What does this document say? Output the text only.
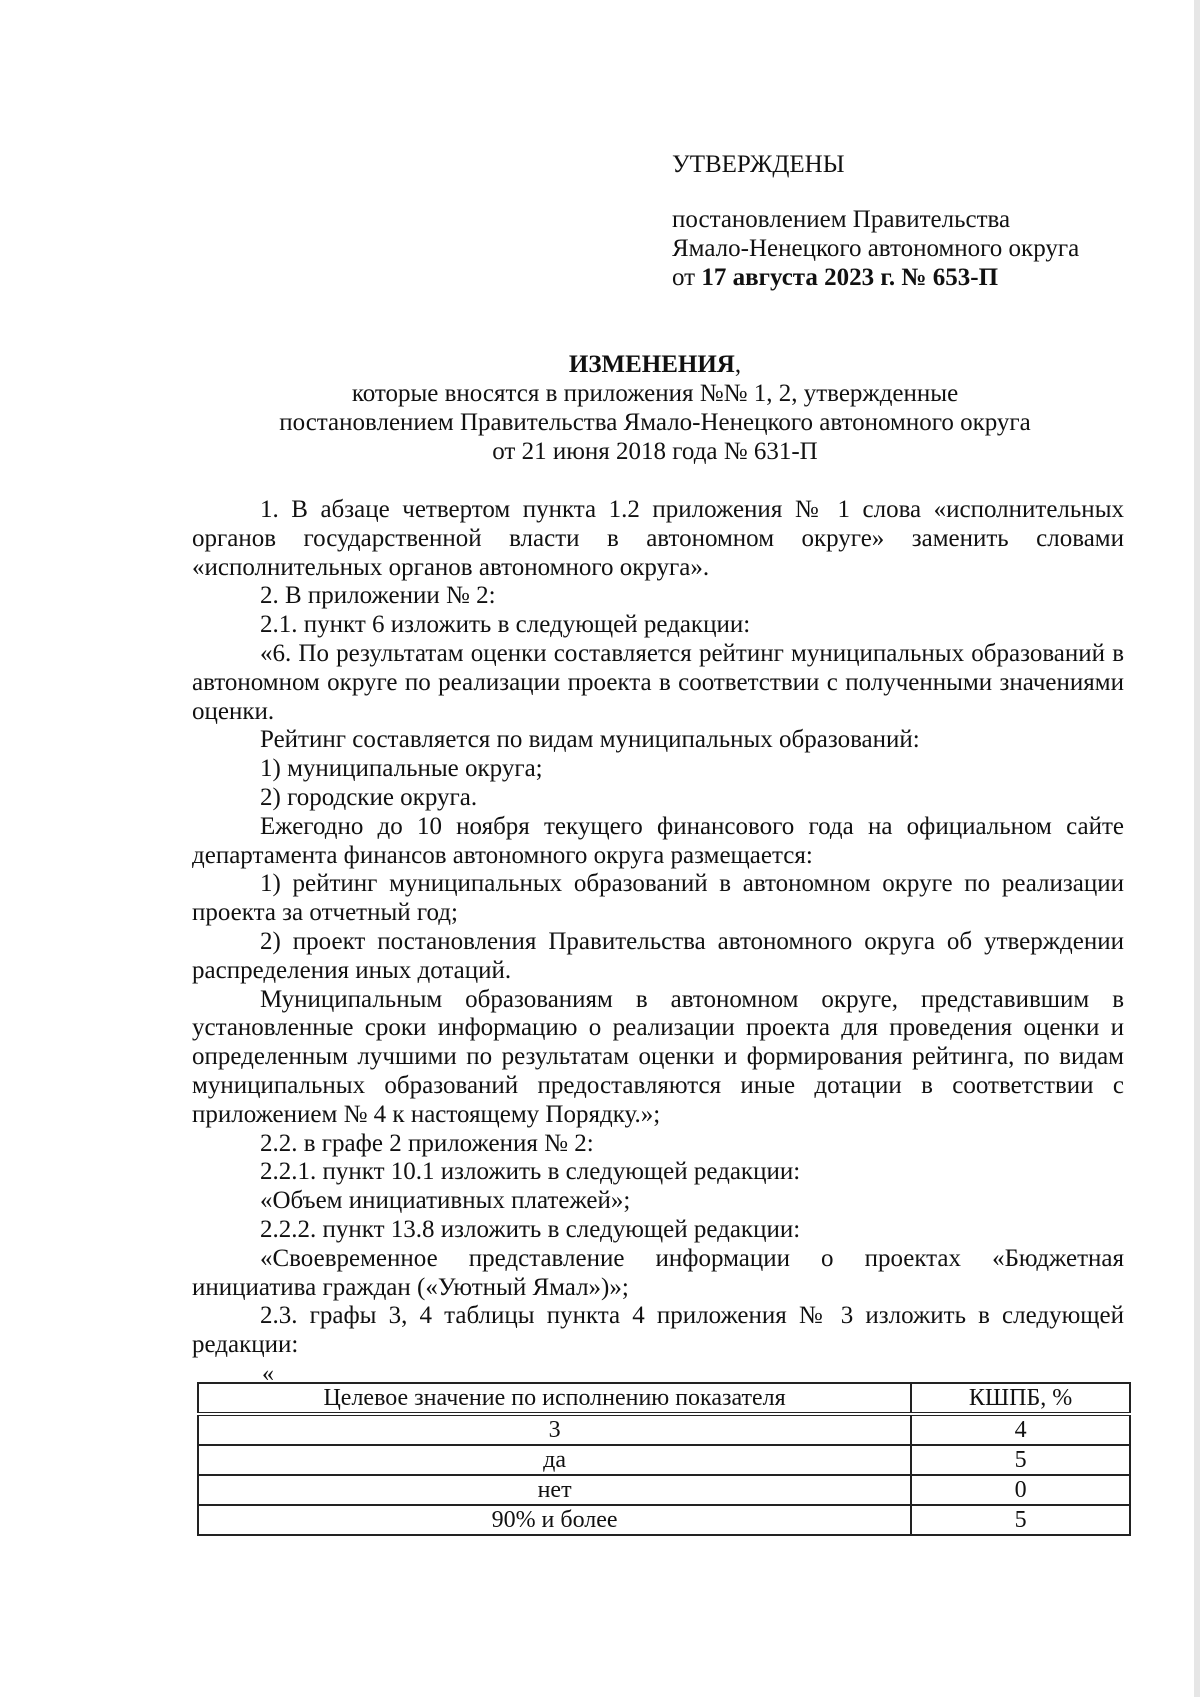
УТВЕРЖДЕНЫ
постановлением Правительства
Ямало-Ненецкого автономного округа
от 17 августа 2023 г. № 653-П
ИЗМЕНЕНИЯ,
которые вносятся в приложения №№ 1, 2, утвержденные
постановлением Правительства Ямало-Ненецкого автономного округа
от 21 июня 2018 года № 631-П

1. В абзаце четвертом пункта 1.2 приложения № 1 слова «исполнительных органов государственной власти в автономном округе» заменить словами «исполнительных органов автономного округа».

2. В приложении № 2:

2.1. пункт 6 изложить в следующей редакции:

«6. По результатам оценки составляется рейтинг муниципальных образований в автономном округе по реализации проекта в соответствии с полученными значениями оценки.

Рейтинг составляется по видам муниципальных образований:

1) муниципальные округа;

2) городские округа.

Ежегодно до 10 ноября текущего финансового года на официальном сайте департамента финансов автономного округа размещается:

1) рейтинг муниципальных образований в автономном округе по реализации проекта за отчетный год;

2) проект постановления Правительства автономного округа об утверждении распределения иных дотаций.

Муниципальным образованиям в автономном округе, представившим в установленные сроки информацию о реализации проекта для проведения оценки и определенным лучшими по результатам оценки и формирования рейтинга, по видам муниципальных образований предоставляются иные дотации в соответствии с приложением № 4 к настоящему Порядку.»;

2.2. в графе 2 приложения № 2:

2.2.1. пункт 10.1 изложить в следующей редакции:

«Объем инициативных платежей»;

2.2.2. пункт 13.8 изложить в следующей редакции:

«Своевременное представление информации о проектах «Бюджетная инициатива граждан («Уютный Ямал»)»;

2.3. графы 3, 4 таблицы пункта 4 приложения № 3 изложить в следующей редакции:

«
Целевое значение по исполнению показателя	КШПБ, %
3	4
да	5
нет	0
90% и более	5
